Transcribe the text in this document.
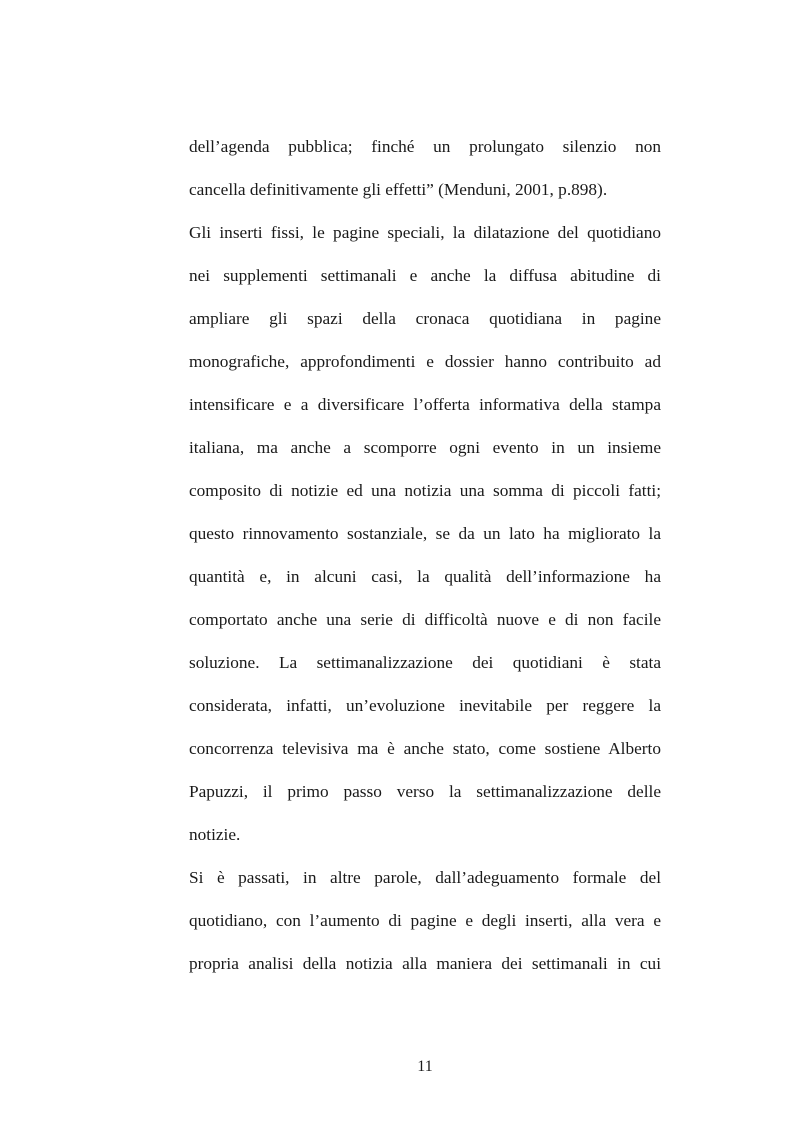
dell’agenda pubblica; finché un prolungato silenzio non
cancella definitivamente gli effetti” (Menduni, 2001, p.898).
Gli inserti fissi, le pagine speciali, la dilatazione del quotidiano
nei supplementi settimanali e anche la diffusa abitudine di
ampliare gli spazi della cronaca quotidiana in pagine
monografiche, approfondimenti e dossier hanno contribuito ad
intensificare e a diversificare l’offerta informativa della stampa
italiana, ma anche a scomporre ogni evento in un insieme
composito di notizie ed una notizia una somma di piccoli fatti;
questo rinnovamento sostanziale, se da un lato ha migliorato la
quantità e, in alcuni casi, la qualità dell’informazione ha
comportato anche una serie di difficoltà nuove e di non facile
soluzione. La settimanalizzazione dei quotidiani è stata
considerata, infatti, un’evoluzione inevitabile per reggere la
concorrenza televisiva ma è anche stato, come sostiene Alberto
Papuzzi, il primo passo verso la settimanalizzazione delle
notizie.
Si è passati, in altre parole, dall’adeguamento formale del
quotidiano, con l’aumento di pagine e degli inserti, alla vera e
propria analisi della notizia alla maniera dei settimanali in cui
11
